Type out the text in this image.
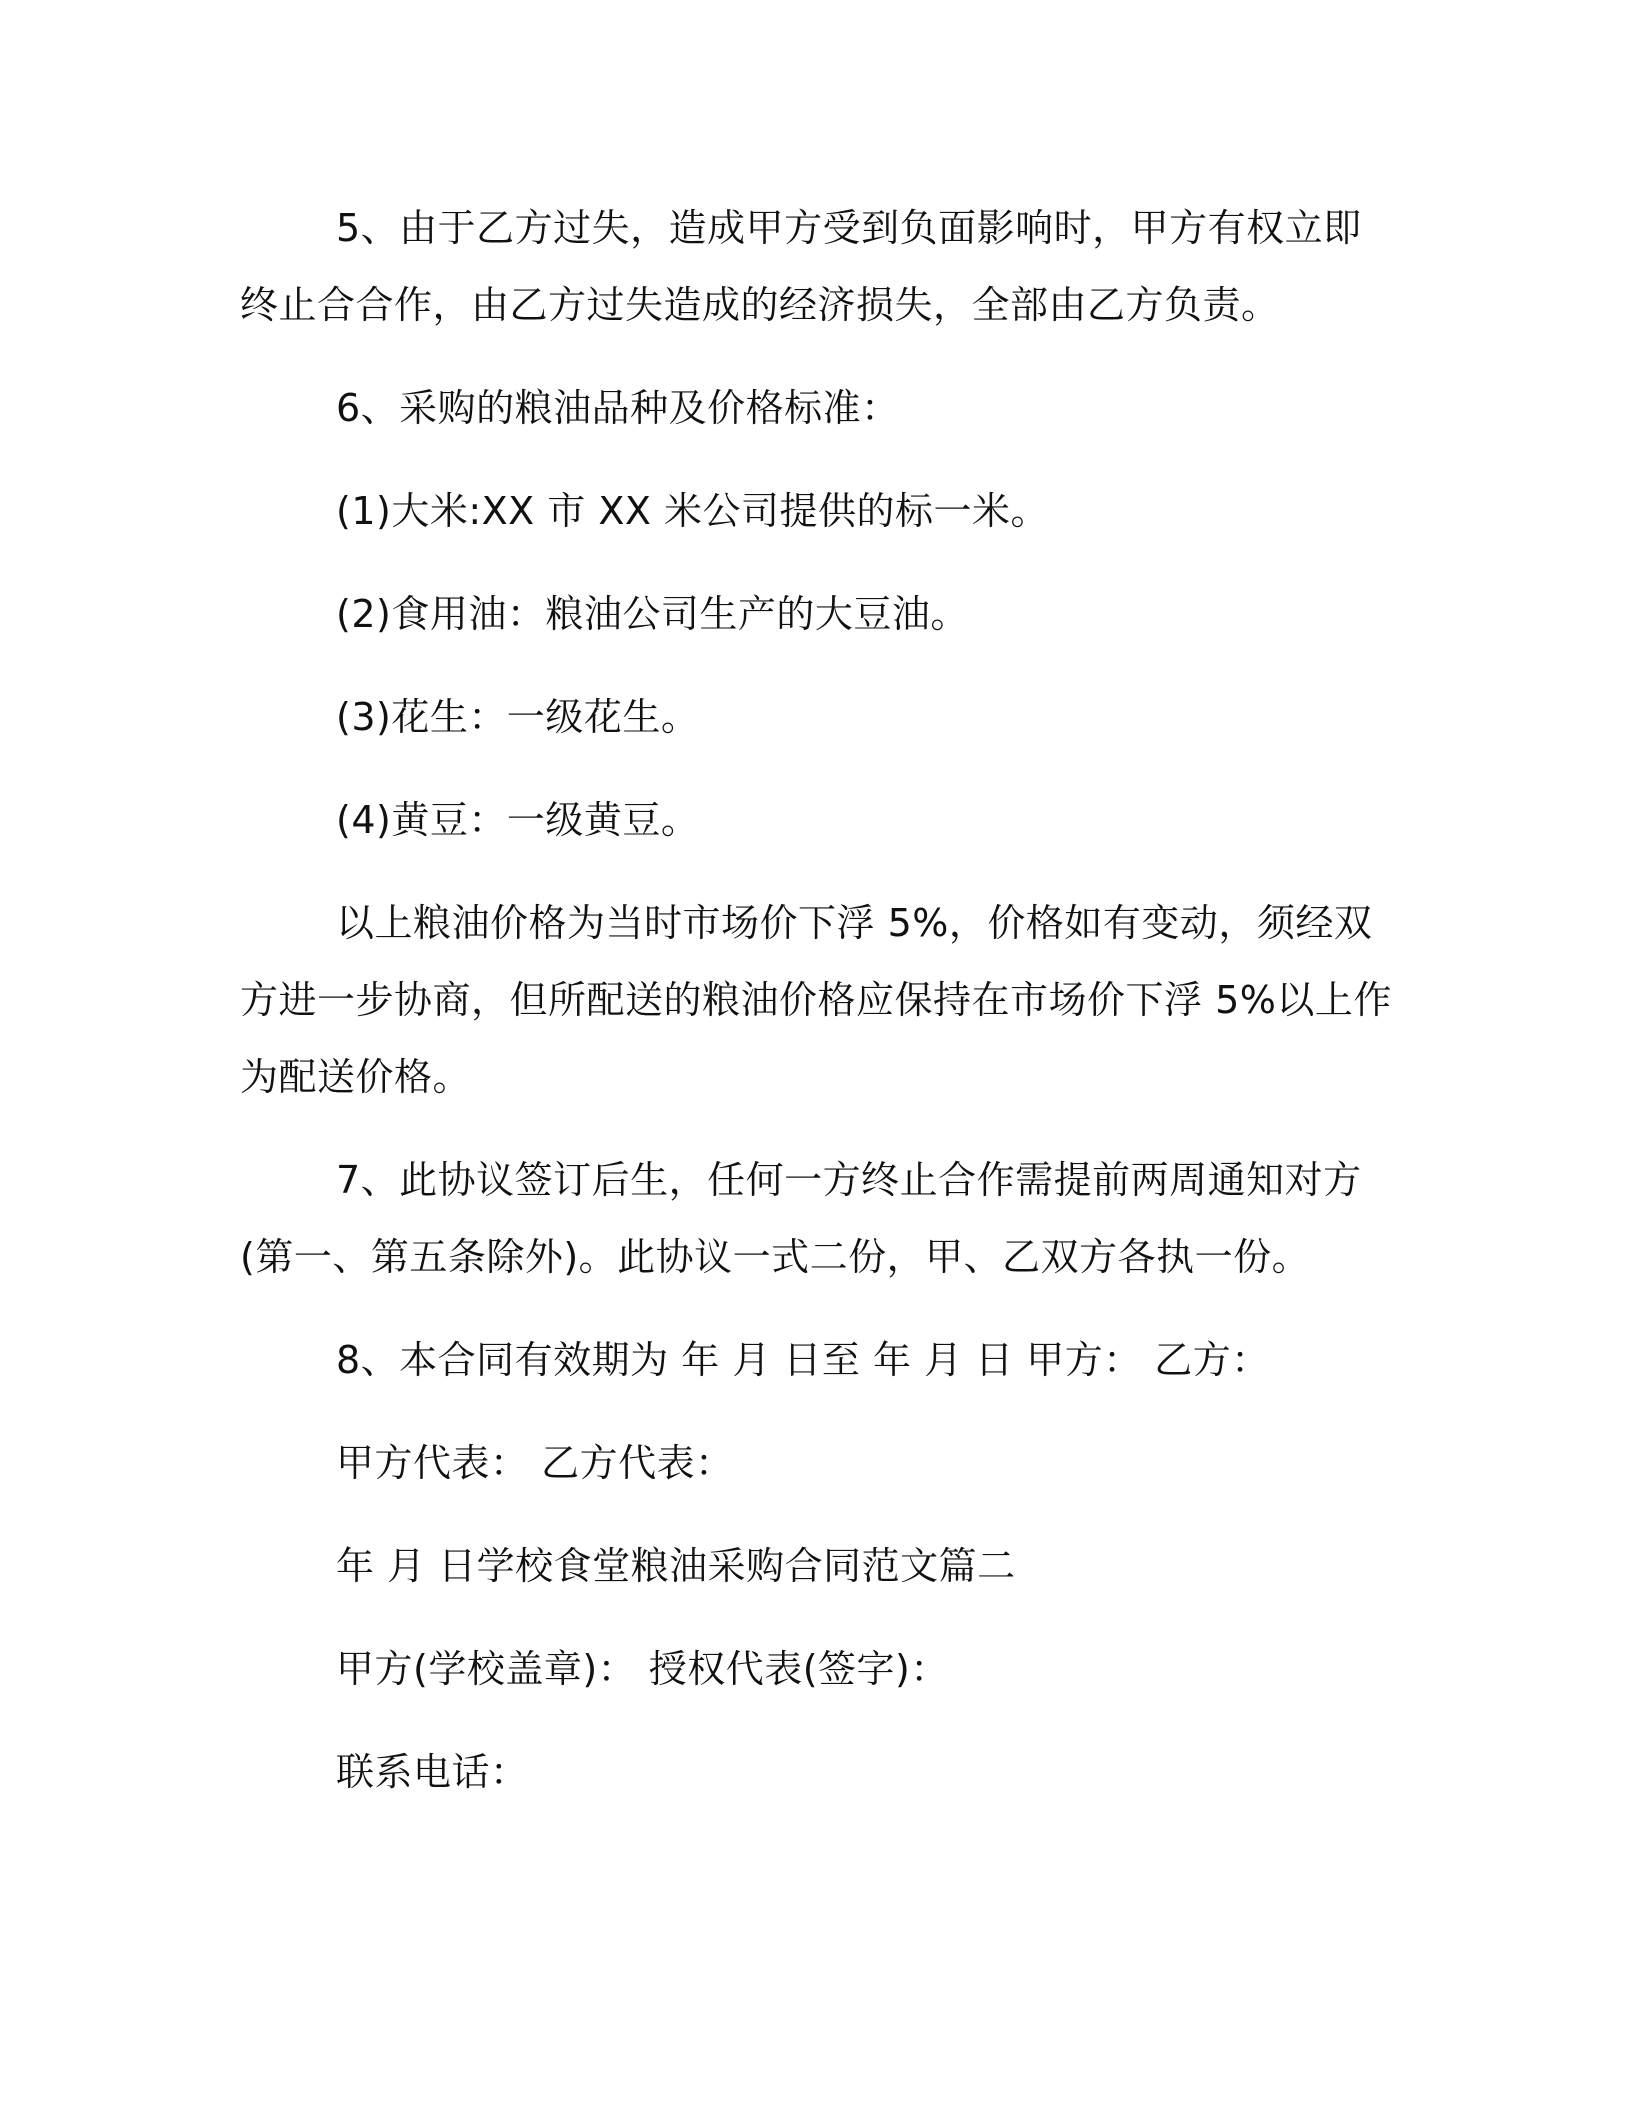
5、由于乙方过失，造成甲方受到负面影响时，甲方有权立即终止合合作，由乙方过失造成的经济损失，全部由乙方负责。

6、采购的粮油品种及价格标准：

(1)大米:XX 市 XX 米公司提供的标一米。

(2)食用油：粮油公司生产的大豆油。

(3)花生：一级花生。

(4)黄豆：一级黄豆。

以上粮油价格为当时市场价下浮 5%，价格如有变动，须经双方进一步协商，但所配送的粮油价格应保持在市场价下浮 5%以上作为配送价格。

7、此协议签订后生，任何一方终止合作需提前两周通知对方(第一、第五条除外)。此协议一式二份，甲、乙双方各执一份。

8、本合同有效期为 年 月 日至 年 月 日 甲方： 乙方：

甲方代表： 乙方代表：

年 月 日学校食堂粮油采购合同范文篇二

甲方(学校盖章)： 授权代表(签字)：

联系电话：
